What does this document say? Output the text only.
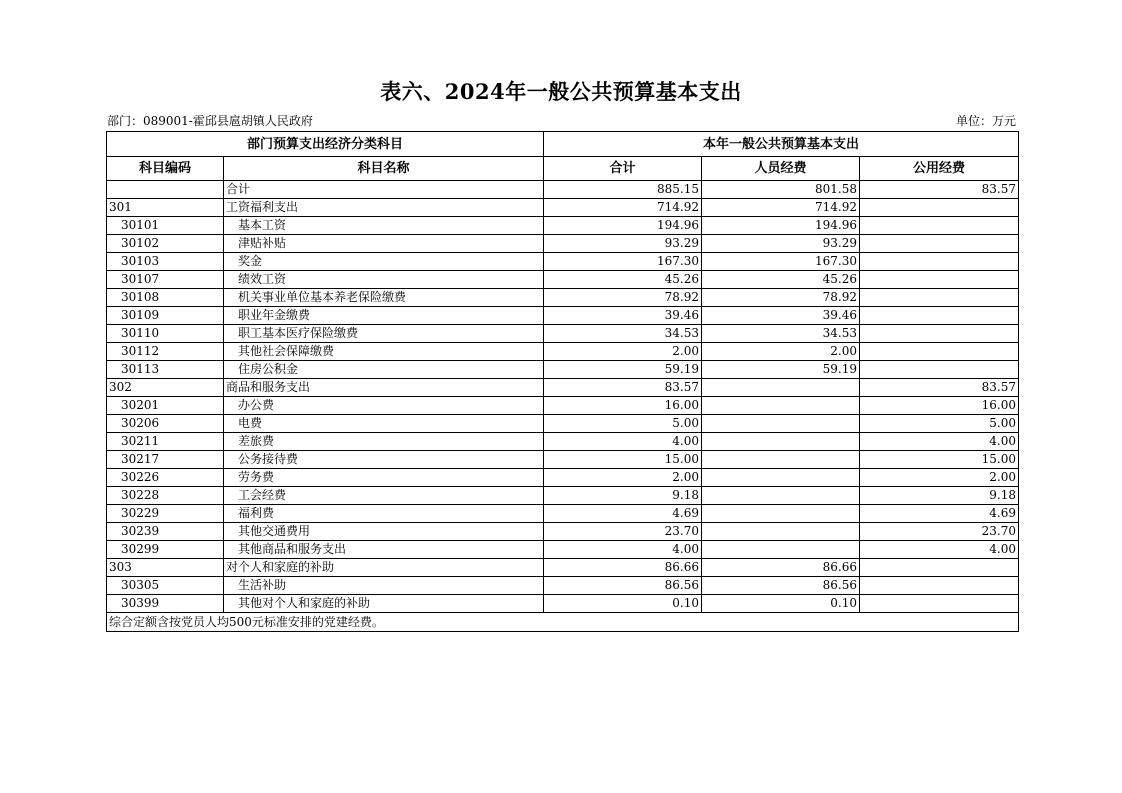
表六、2024年一般公共预算基本支出
部门：089001-霍邱县扈胡镇人民政府	单位：万元
部门预算支出经济分类科目		本年一般公共预算基本支出		
科目编码	科目名称	合计	人员经费	公用经费
	合计	885.15	801.58	83.57
301	工资福利支出	714.92	714.92	
30101	基本工资	194.96	194.96	
30102	津贴补贴	93.29	93.29	
30103	奖金	167.30	167.30	
30107	绩效工资	45.26	45.26	
30108	机关事业单位基本养老保险缴费	78.92	78.92	
30109	职业年金缴费	39.46	39.46	
30110	职工基本医疗保险缴费	34.53	34.53	
30112	其他社会保障缴费	2.00	2.00	
30113	住房公积金	59.19	59.19	
302	商品和服务支出	83.57		83.57
30201	办公费	16.00		16.00
30206	电费	5.00		5.00
30211	差旅费	4.00		4.00
30217	公务接待费	15.00		15.00
30226	劳务费	2.00		2.00
30228	工会经费	9.18		9.18
30229	福利费	4.69		4.69
30239	其他交通费用	23.70		23.70
30299	其他商品和服务支出	4.00		4.00
303	对个人和家庭的补助	86.66	86.66	
30305	生活补助	86.56	86.56	
30399	其他对个人和家庭的补助	0.10	0.10	
综合定额含按党员人均500元标准安排的党建经费。				
